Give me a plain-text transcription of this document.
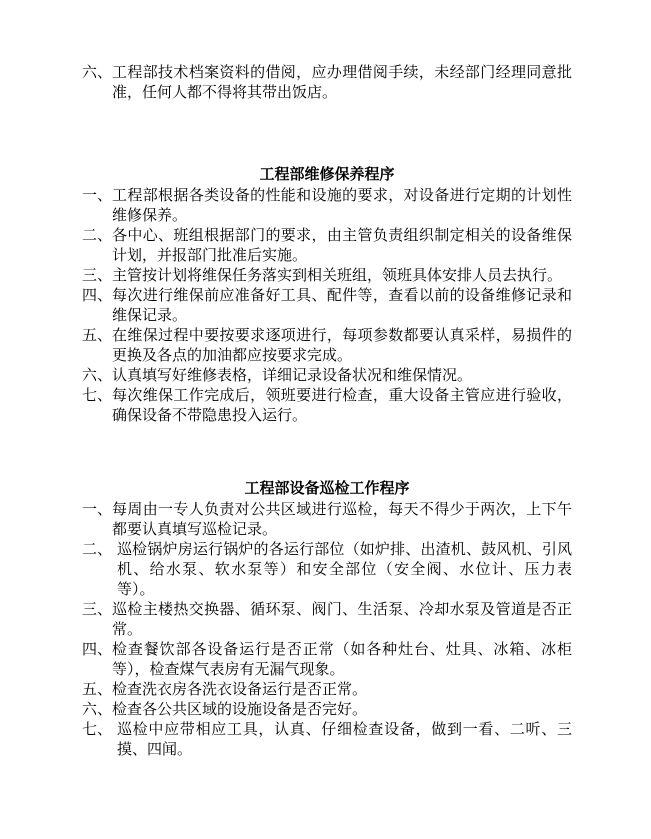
六、 工程部技术档案资料的借阅，应办理借阅手续，未经部门经理同意批准，任何人都不得将其带出饭店。
工程部维修保养程序
一、 工程部根据各类设备的性能和设施的要求，对设备进行定期的计划性维修保养。
二、 各中心、班组根据部门的要求，由主管负责组织制定相关的设备维保计划，并报部门批准后实施。
三、 主管按计划将维保任务落实到相关班组，领班具体安排人员去执行。
四、 每次进行维保前应准备好工具、配件等，查看以前的设备维修记录和维保记录。
五、 在维保过程中要按要求逐项进行，每项参数都要认真采样，易损件的更换及各点的加油都应按要求完成。
六、 认真填写好维修表格，详细记录设备状况和维保情况。
七、 每次维保工作完成后，领班要进行检查，重大设备主管应进行验收，确保设备不带隐患投入运行。
工程部设备巡检工作程序
一、 每周由一专人负责对公共区域进行巡检，每天不得少于两次，上下午都要认真填写巡检记录。
二、 巡检锅炉房运行锅炉的各运行部位（如炉排、出渣机、鼓风机、引风机、给水泵、软水泵等）和安全部位（安全阀、水位计、压力表等）。
三、 巡检主楼热交换器、循环泵、阀门、生活泵、冷却水泵及管道是否正常。
四、 检查餐饮部各设备运行是否正常（如各种灶台、灶具、冰箱、冰柜等），检查煤气表房有无漏气现象。
五、 检查洗衣房各洗衣设备运行是否正常。
六、 检查各公共区域的设施设备是否完好。
七、 巡检中应带相应工具，认真、仔细检查设备，做到一看、二听、三摸、四闻。
